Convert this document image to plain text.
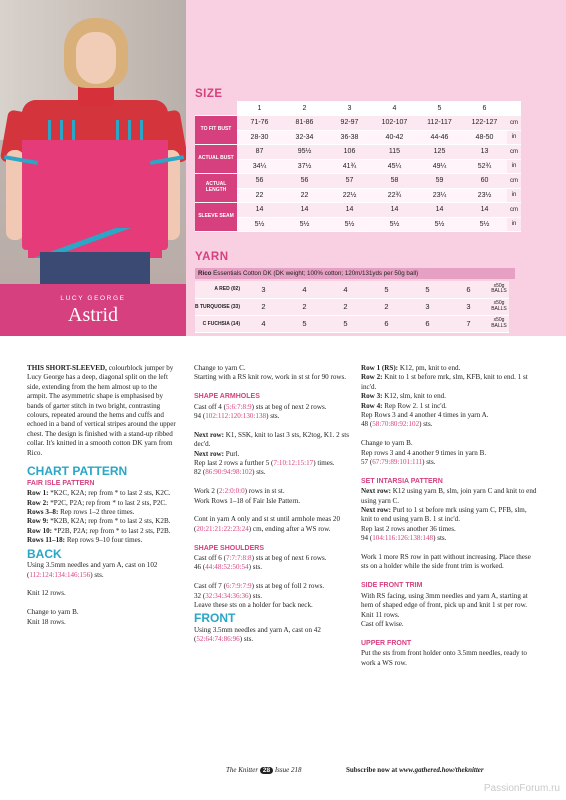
LUCY GEORGE
Astrid
SIZE
	1	2	3	4	5	6	
TO FIT BUST	71-76	81-86	92-97	102-107	112-117	122-127	cm
	28-30	32-34	36-38	40-42	44-46	48-50	in
ACTUAL BUST	87	95½	106	115	125	13	cm
	34¼	37½	41¾	45¼	49¼	52¾	in
ACTUAL LENGTH	56	56	57	58	59	60	cm
	22	22	22½	22¾	23¼	23½	in
SLEEVE SEAM	14	14	14	14	14	14	cm
	5½	5½	5½	5½	5½	5½	in
YARN
Rico Essentials Cotton DK (DK weight; 100% cotton; 120m/131yds per 50g ball)
A RED (02)	3	4	4	5	5	6	x50g BALLS
B TURQUOISE (33)	2	2	2	2	3	3	x50g BALLS
C FUCHSIA (14)	4	5	5	6	6	7	x50g BALLS

THIS SHORT-SLEEVED, colourblock jumper by Lucy George has a deep, diagonal split on the left side, extending from the hem almost up to the armpit. The asymmetric shape is emphasised by bands of garter stitch in two bright, contrasting colours, repeated around the hems and cuffs and echoed in a band of vertical stripes around the upper chest. The design is finished with a stand-up ribbed collar. It's knitted in a smooth cotton DK yarn from Rico.

CHART PATTERN
FAIR ISLE PATTERN
Row 1: *K2C, K2A; rep from * to last 2 sts, K2C.
Row 2: *P2C, P2A; rep from * to last 2 sts, P2C.
Rows 3–8: Rep rows 1–2 three times.
Row 9: *K2B, K2A; rep from * to last 2 sts, K2B.
Row 10: *P2B, P2A; rep from * to last 2 sts, P2B.
Rows 11–18: Rep rows 9–10 four times.
BACK

Using 3.5mm needles and yarn A, cast on 102 (112:124:134:146:156) sts.

Knit 12 rows.

Change to yarn B.
Knit 18 rows.
Change to yarn C.

Starting with a RS knit row, work in st st for 90 rows.

SHAPE ARMHOLES
Cast off 4 (5:6:7:8:9) sts at beg of next 2 rows.

94 (102:112:120:130:138) sts.

Next row: K1, SSK, knit to last 3 sts, K2tog, K1. 2 sts dec'd.
Next row: Purl.
Rep last 2 rows a further 5 (7:10:12:15:17) times.

82 (86:90:94:98:102) sts.

Work 2 (2:2:0:0:0) rows in st st.

Work Rows 1–18 of Fair Isle Pattern.

Cont in yarn A only and st st until armhole meas 20 (20:21:21:22:23:24) cm, ending after a WS row.

SHAPE SHOULDERS
Cast off 6 (7:7:7:8:8) sts at beg of next 6 rows.

46 (44:48:52:50:54) sts.

Cast off 7 (6:7:9:7:9) sts at beg of foll 2 rows.
32 (32:34:34:36:36) sts.
Leave these sts on a holder for back neck.
FRONT
Using 3.5mm needles and yarn A, cast on 42 (52:64:74:86:96) sts.
Row 1 (RS): K12, pm, knit to end.
Row 2: Knit to 1 st before mrk, slm, KFB, knit to end. 1 st inc'd.
Row 3: K12, slm, knit to end.
Row 4: Rep Row 2. 1 st inc'd.
Rep Rows 3 and 4 another 4 times in yarn A.

48 (58:70:80:92:102) sts.

Change to yarn B.
Rep rows 3 and 4 another 9 times in yarn B.

57 (67:79:89:101:111) sts.

SET INTARSIA PATTERN
Next row: K12 using yarn B, slm, join yarn C and knit to end using yarn C.
Next row: Purl to 1 st before mrk using yarn C, PFB, slm, knit to end using yarn B. 1 st inc'd.
Rep last 2 rows another 36 times.

94 (104:116:126:138:148) sts.

Work 1 more RS row in patt without increasing. Place these sts on a holder while the side front trim is worked.

SIDE FRONT TRIM
With RS facing, using 3mm needles and yarn A, starting at hem of shaped edge of front, pick up and knit 1 st per row.
Knit 11 rows.

Cast off kwise.

UPPER FRONT
Put the sts from front holder onto 3.5mm needles, ready to work a WS row.
The Knitter 28 Issue 218	Subscribe now at www.gathered.how/theknitter
PassionForum.ru
